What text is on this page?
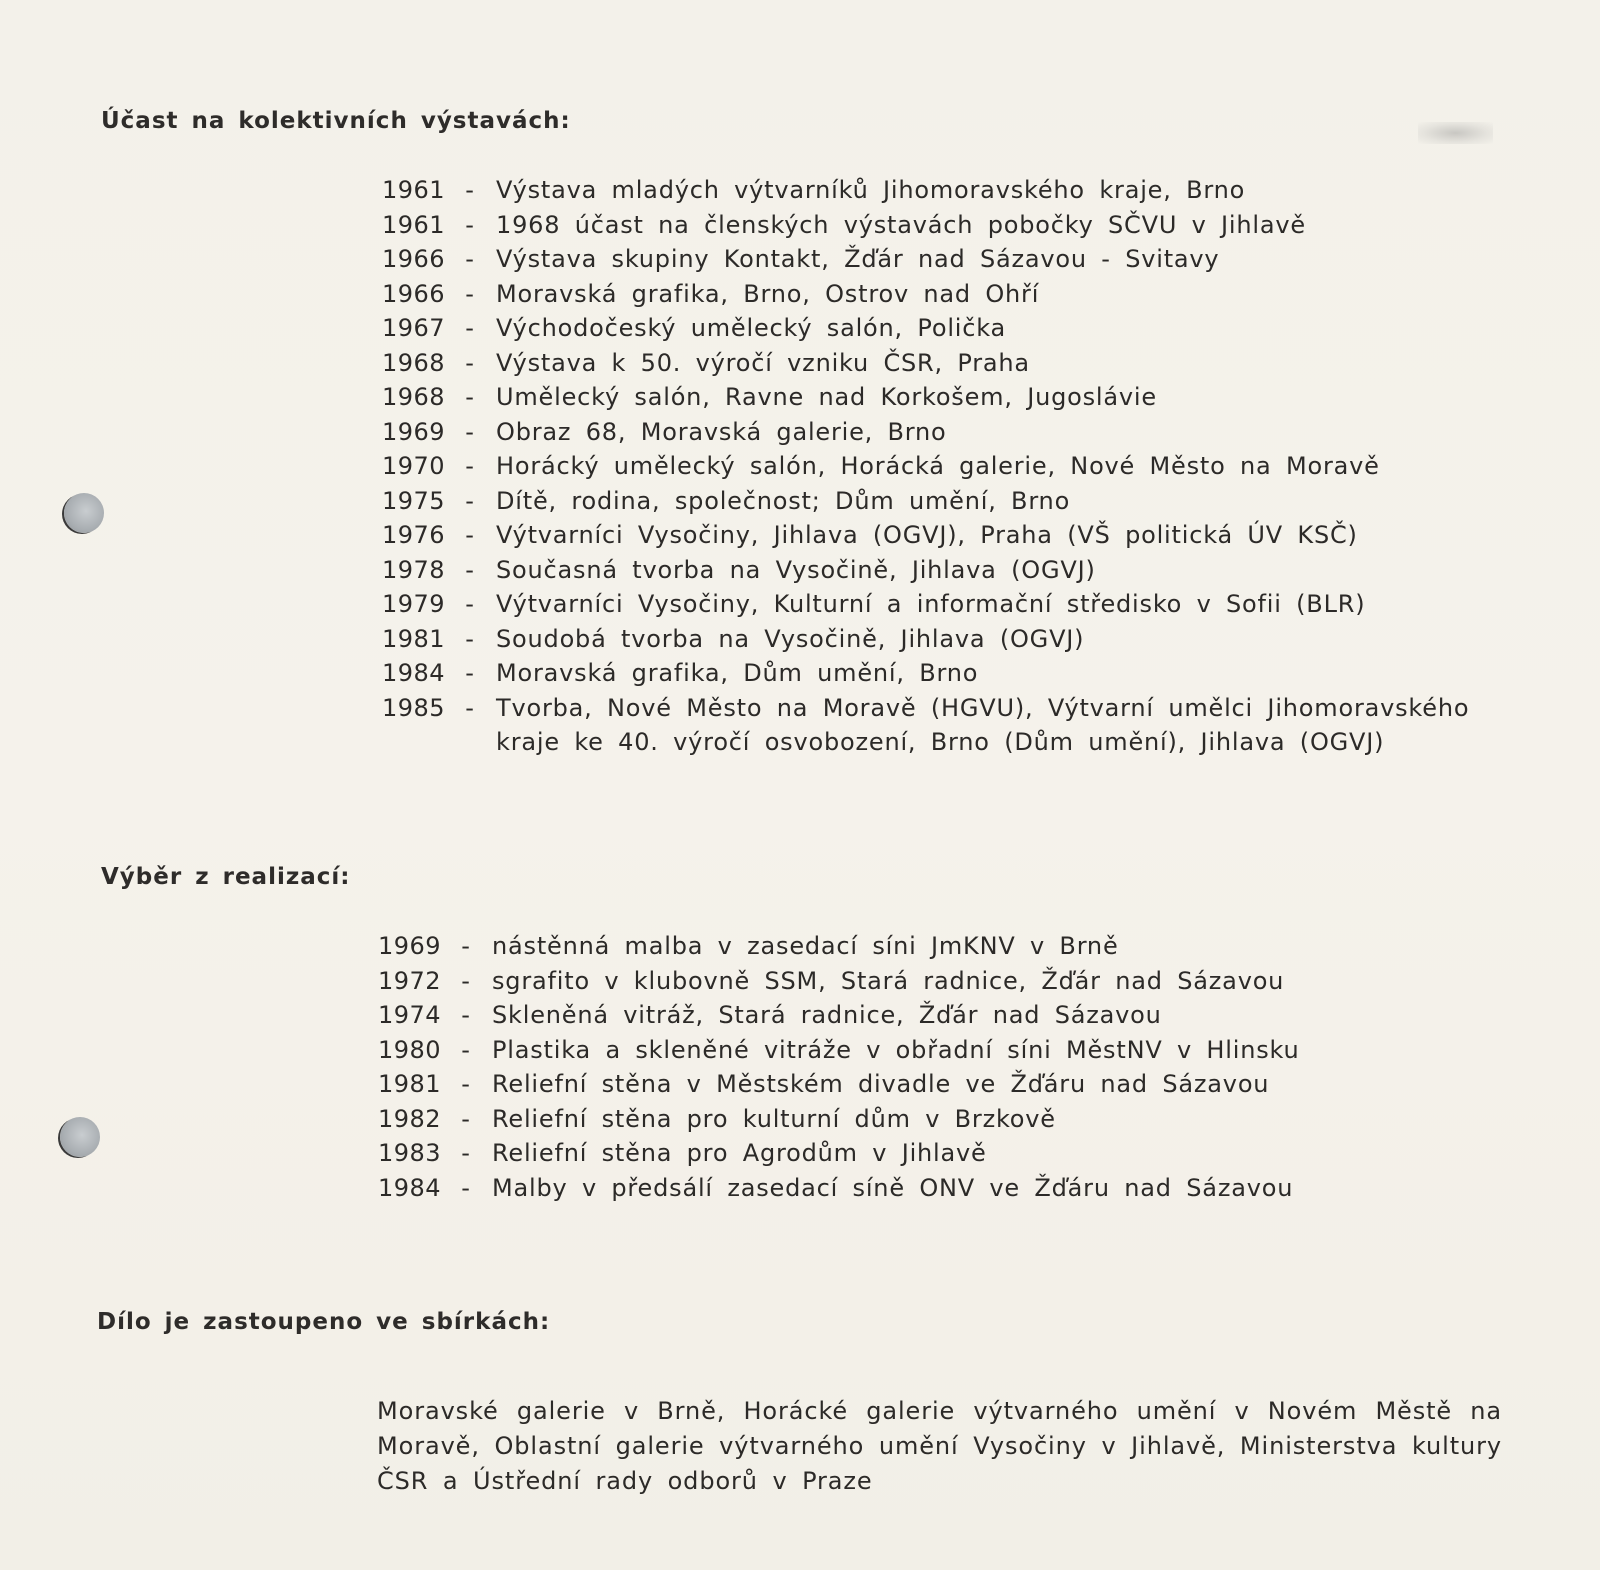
Účast na kolektivních výstavách:
1961 - Výstava mladých výtvarníků Jihomoravského kraje, Brno
1961 - 1968 účast na členských výstavách pobočky SČVU v Jihlavě
1966 - Výstava skupiny Kontakt, Žďár nad Sázavou - Svitavy
1966 - Moravská grafika, Brno, Ostrov nad Ohří
1967 - Východočeský umělecký salón, Polička
1968 - Výstava k 50. výročí vzniku ČSR, Praha
1968 - Umělecký salón, Ravne nad Korkošem, Jugoslávie
1969 - Obraz 68, Moravská galerie, Brno
1970 - Horácký umělecký salón, Horácká galerie, Nové Město na Moravě
1975 - Dítě, rodina, společnost; Dům umění, Brno
1976 - Výtvarníci Vysočiny, Jihlava (OGVJ), Praha (VŠ politická ÚV KSČ)
1978 - Současná tvorba na Vysočině, Jihlava (OGVJ)
1979 - Výtvarníci Vysočiny, Kulturní a informační středisko v Sofii (BLR)
1981 - Soudobá tvorba na Vysočině, Jihlava (OGVJ)
1984 - Moravská grafika, Dům umění, Brno
1985 - Tvorba, Nové Město na Moravě (HGVU), Výtvarní umělci Jihomoravského kraje ke 40. výročí osvobození, Brno (Dům umění), Jihlava (OGVJ)
Výběr z realizací:
1969 - nástěnná malba v zasedací síni JmKNV v Brně
1972 - sgrafito v klubovně SSM, Stará radnice, Žďár nad Sázavou
1974 - Skleněná vitráž, Stará radnice, Žďár nad Sázavou
1980 - Plastika a skleněné vitráže v obřadní síni MěstNV v Hlinsku
1981 - Reliefní stěna v Městském divadle ve Žďáru nad Sázavou
1982 - Reliefní stěna pro kulturní dům v Brzkově
1983 - Reliefní stěna pro Agrodům v Jihlavě
1984 - Malby v předsálí zasedací síně ONV ve Žďáru nad Sázavou
Dílo je zastoupeno ve sbírkách:

Moravské galerie v Brně, Horácké galerie výtvarného umění v Novém Městě na Moravě, Oblastní galerie výtvarného umění Vysočiny v Jihlavě, Ministerstva kultury ČSR a Ústřední rady odborů v Praze
